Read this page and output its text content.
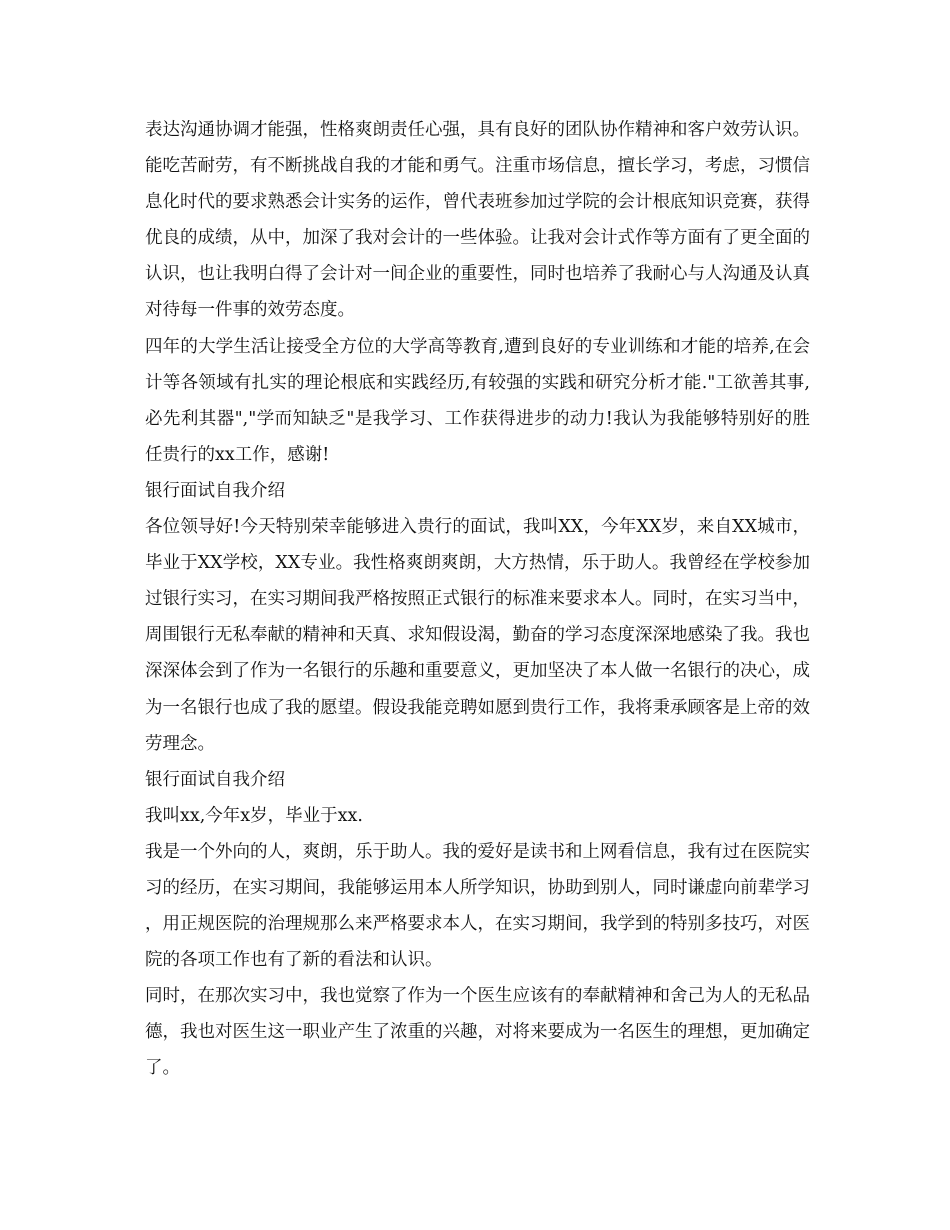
表达沟通协调才能强，性格爽朗责任心强，具有良好的团队协作精神和客户效劳认识。能吃苦耐劳，有不断挑战自我的才能和勇气。注重市场信息，擅长学习，考虑，习惯信息化时代的要求熟悉会计实务的运作，曾代表班参加过学院的会计根底知识竞赛，获得优良的成绩，从中，加深了我对会计的一些体验。让我对会计式作等方面有了更全面的认识，也让我明白得了会计对一间企业的重要性，同时也培养了我耐心与人沟通及认真对待每一件事的效劳态度。

四年的大学生活让接受全方位的大学高等教育,遭到良好的专业训练和才能的培养,在会计等各领域有扎实的理论根底和实践经历,有较强的实践和研究分析才能."工欲善其事,必先利其器","学而知缺乏"是我学习、工作获得进步的动力!我认为我能够特别好的胜任贵行的xx工作，感谢!

银行面试自我介绍

各位领导好!今天特别荣幸能够进入贵行的面试，我叫XX，今年XX岁，来自XX城市，毕业于XX学校，XX专业。我性格爽朗爽朗，大方热情，乐于助人。我曾经在学校参加过银行实习，在实习期间我严格按照正式银行的标准来要求本人。同时，在实习当中，周围银行无私奉献的精神和天真、求知假设渴，勤奋的学习态度深深地感染了我。我也深深体会到了作为一名银行的乐趣和重要意义，更加坚决了本人做一名银行的决心，成为一名银行也成了我的愿望。假设我能竞聘如愿到贵行工作，我将秉承顾客是上帝的效劳理念。

银行面试自我介绍

我叫xx,今年x岁，毕业于xx.

我是一个外向的人，爽朗，乐于助人。我的爱好是读书和上网看信息，我有过在医院实习的经历，在实习期间，我能够运用本人所学知识，协助到别人，同时谦虚向前辈学习，用正规医院的治理规那么来严格要求本人，在实习期间，我学到的特别多技巧，对医院的各项工作也有了新的看法和认识。

同时，在那次实习中，我也觉察了作为一个医生应该有的奉献精神和舍己为人的无私品德，我也对医生这一职业产生了浓重的兴趣，对将来要成为一名医生的理想，更加确定了。
